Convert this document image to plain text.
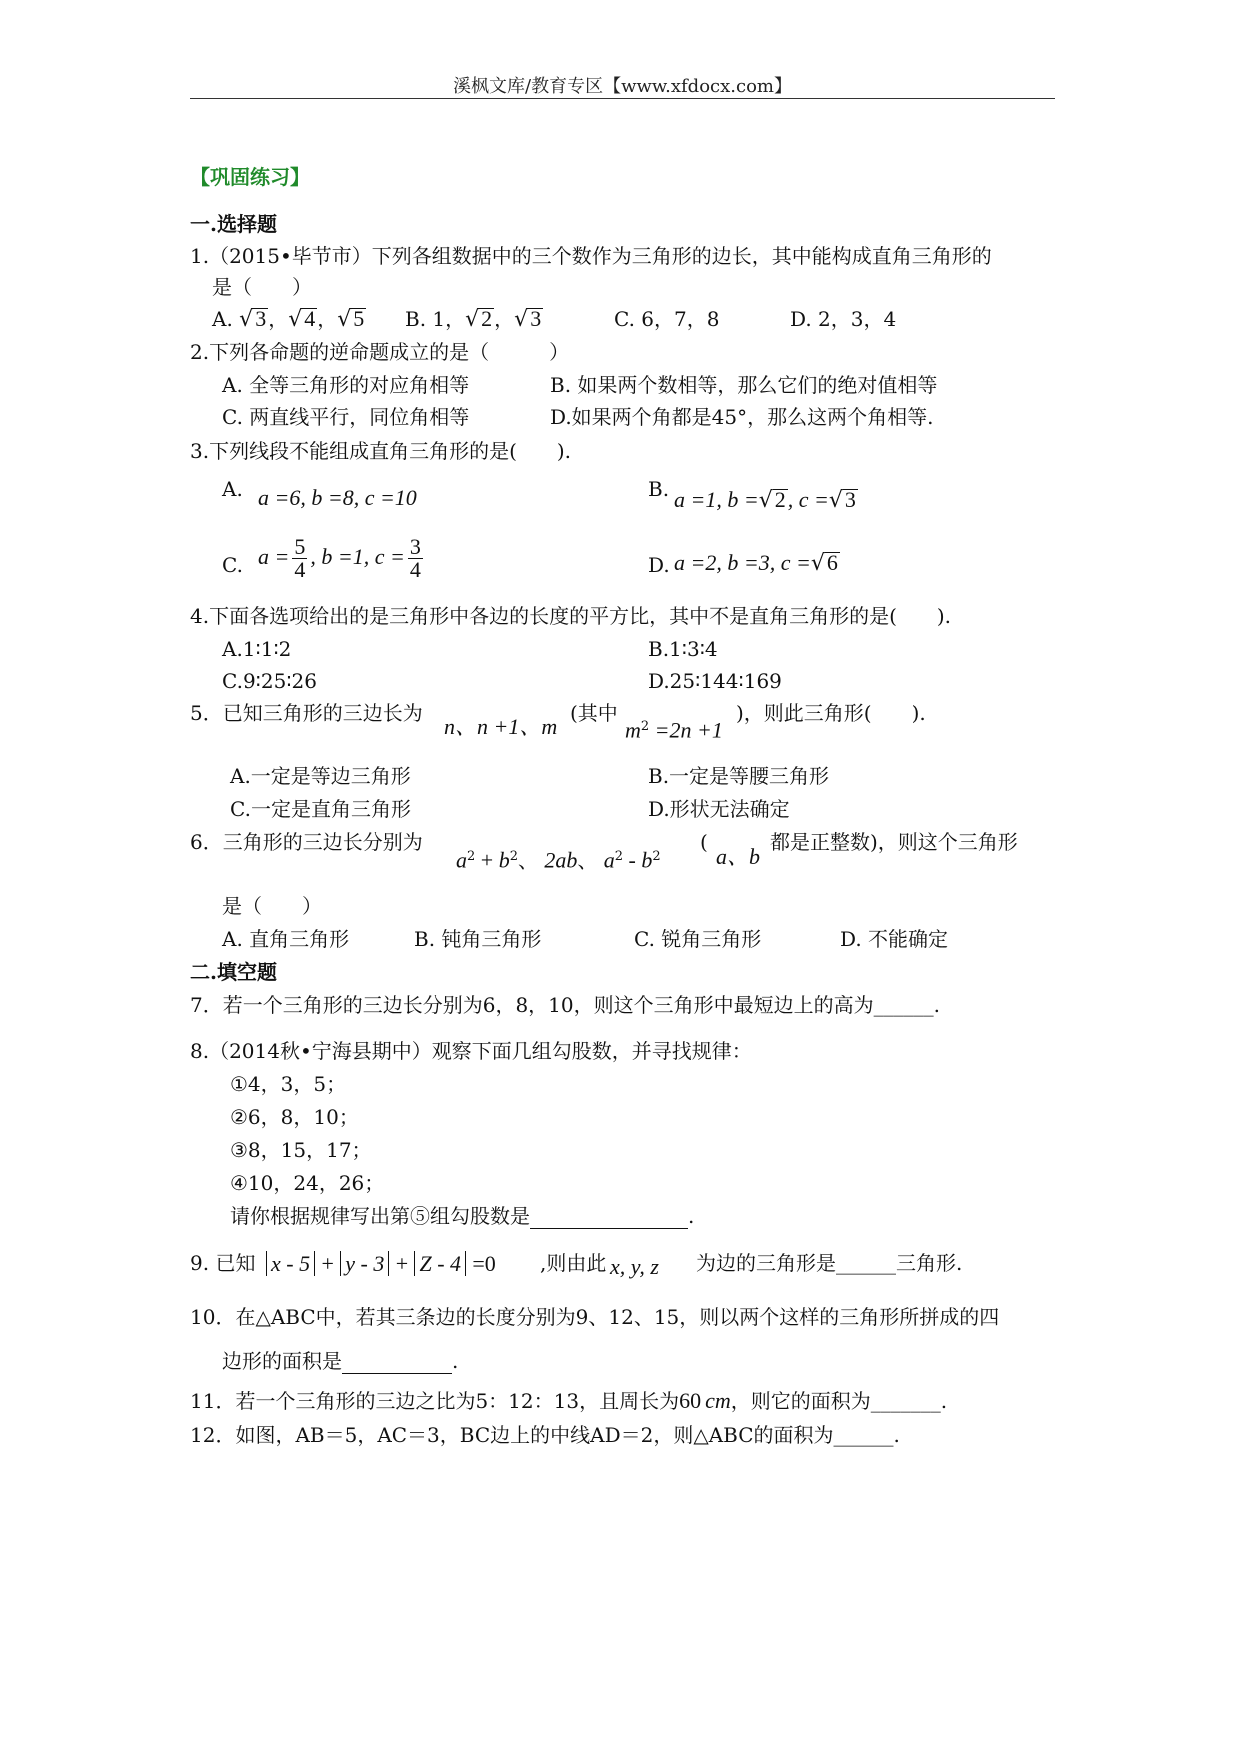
溪枫文库/教育专区【www.xfdocx.com】
【巩固练习】
一.选择题
1.（2015•毕节市）下列各组数据中的三个数作为三角形的边长，其中能构成直角三角形的
是（　　）
A. √3 ，√4 ，√5 B. 1，√2 ，√3	C. 6，7，8	D. 2，3，4
2.下列各命题的逆命题成立的是（　　　）
A. 全等三角形的对应角相等	B. 如果两个数相等，那么它们的绝对值相等
C. 两直线平行，同位角相等	D.如果两个角都是45°，那么这两个角相等.
3.下列线段不能组成直角三角形的是(　　).
A. a =6, b =8, c =10	B. a =1, b =√2, c =√3
C. $a = \frac{5}{4}$ , b =1, $c = \frac{3}{4}$	D. a =2, b =3, c =√6
4.下面各选项给出的是三角形中各边的长度的平方比，其中不是直角三角形的是(　　).
A.1∶1∶2	B.1∶3∶4
C.9∶25∶26	D.25∶144∶169
5．已知三角形的三边长为
n、n +1、m
(其中
$m^2 =2n +1$
)，则此三角形(　　).
A.一定是等边三角形	B.一定是等腰三角形
C.一定是直角三角形	D.形状无法确定
6．三角形的三边长分别为
$a^2 + b^2$、 2ab、 $a^2 - b^2$
(
a、b
都是正整数)，则这个三角形
是（　　）
A. 直角三角形	B. 钝角三角形	C. 锐角三角形	D. 不能确定
二.填空题
7．若一个三角形的三边长分别为6，8，10，则这个三角形中最短边上的高为______.
8.（2014秋•宁海县期中）观察下面几组勾股数，并寻找规律：
①4，3，5；
②6，8，10；
③8，15，17；
④10，24，26；
请你根据规律写出第⑤组勾股数是	.
9. 已知 x - 5 + y - 3 + Z - 4 =0 ,则由此 x, y, z 为边的三角形是______三角形.
10．在△ABC中，若其三条边的长度分别为9、12、15，则以两个这样的三角形所拼成的四
边形的面积是	.
11．若一个三角形的三边之比为5：12：13，且周长为60 cm，则它的面积为_______.
12．如图，AB＝5，AC＝3，BC边上的中线AD＝2，则△ABC的面积为______.
